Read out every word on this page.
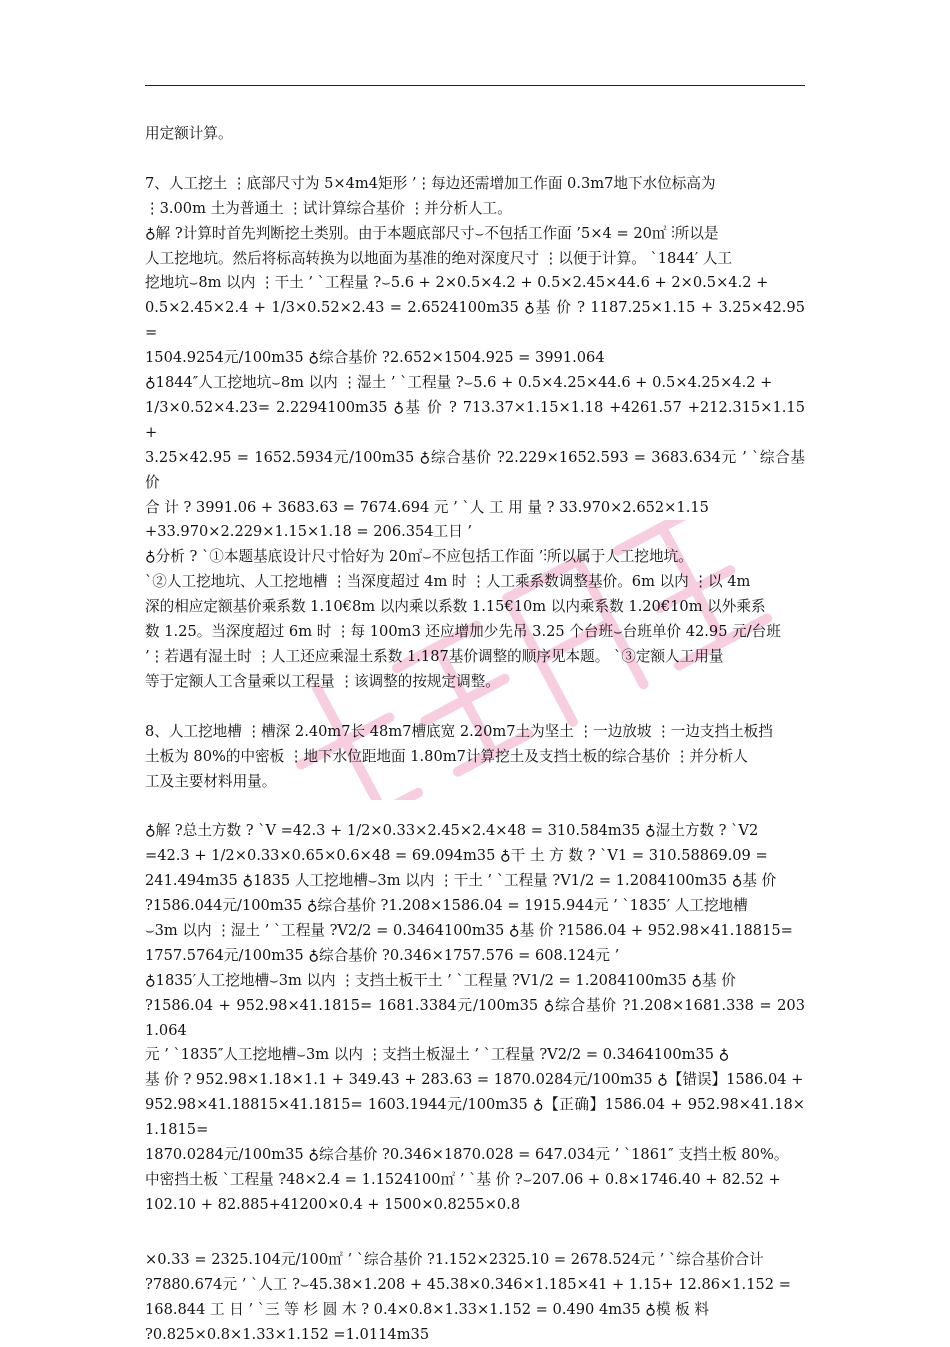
用定额计算。

7、人工挖土 ⋮底部尺寸为 5×4m4矩形 ’⋮每边还需增加工作面 0.3m7地下水位标高为

⋮3.00m 土为普通土 ⋮试计算综合基价 ⋮并分析人工。

♁解 ?计算时首先判断挖土类别。由于本题底部尺寸⌣不包括工作面 ’5×4 = 20㎡ ⋮所以是

人工挖地坑。然后将标高转换为以地面为基准的绝对深度尺寸 ⋮以便于计算。 ˋ1844′ 人工

挖地坑⌣8m 以内 ⋮干土 ’ ˋ工程量 ?⌣5.6 + 2×0.5×4.2 + 0.5×2.45×44.6 + 2×0.5×4.2 +

0.5×2.45×2.4 + 1/3×0.52×2.43 = 2.6524100m35 ♁基 价 ? 1187.25×1.15 + 3.25×42.95 =

1504.9254元/100m35 ♁综合基价 ?2.652×1504.925 = 3991.064

♁1844″人工挖地坑⌣8m 以内 ⋮湿土 ’ ˋ工程量 ?⌣5.6 + 0.5×4.25×44.6 + 0.5×4.25×4.2 +

1/3×0.52×4.23= 2.2294100m35 ♁基 价 ? 713.37×1.15×1.18 +4261.57 +212.315×1.15 +

3.25×42.95 = 1652.5934元/100m35 ♁综合基价 ?2.229×1652.593 = 3683.634元 ’ ˋ综合基价

合 计 ? 3991.06 + 3683.63 = 7674.694 元 ’ ˋ人 工 用 量 ? 33.970×2.652×1.15

+33.970×2.229×1.15×1.18 = 206.354工日 ’

♁分析 ? ˋ①本题基底设计尺寸恰好为 20㎡⌣不应包括工作面 ’⋮所以属于人工挖地坑。

ˋ②人工挖地坑、人工挖地槽 ⋮当深度超过 4m 时 ⋮人工乘系数调整基价。6m 以内 ⋮以 4m

深的相应定额基价乘系数 1.10€8m 以内乘以系数 1.15€10m 以内乘系数 1.20€10m 以外乘系

数 1.25。当深度超过 6m 时 ⋮每 100m3 还应增加少先吊 3.25 个台班⌣台班单价 42.95 元/台班

’⋮若遇有湿土时 ⋮人工还应乘湿土系数 1.187基价调整的顺序见本题。 ˋ③定额人工用量

等于定额人工含量乘以工程量 ⋮该调整的按规定调整。

8、人工挖地槽 ⋮槽深 2.40m7长 48m7槽底宽 2.20m7土为坚土 ⋮一边放坡 ⋮一边支挡土板挡

土板为 80%的中密板 ⋮地下水位距地面 1.80m7计算挖土及支挡土板的综合基价 ⋮并分析人

工及主要材料用量。

♁解 ?总土方数 ? ˋV =42.3 + 1/2×0.33×2.45×2.4×48 = 310.584m35 ♁湿土方数 ? ˋV2

=42.3 + 1/2×0.33×0.65×0.6×48 = 69.094m35 ♁干 土 方 数 ? ˋV1 = 310.58869.09 =

241.494m35 ♁1835 人工挖地槽⌣3m 以内 ⋮干土 ’ ˋ工程量 ?V1/2 = 1.2084100m35 ♁基 价

?1586.044元/100m35 ♁综合基价 ?1.208×1586.04 = 1915.944元 ’ ˋ1835′ 人工挖地槽

⌣3m 以内 ⋮湿土 ’ ˋ工程量 ?V2/2 = 0.3464100m35 ♁基 价 ?1586.04 + 952.98×41.18815=

1757.5764元/100m35 ♁综合基价 ?0.346×1757.576 = 608.124元 ’

♁1835′人工挖地槽⌣3m 以内 ⋮支挡土板干土 ’ ˋ工程量 ?V1/2 = 1.2084100m35 ♁基 价

?1586.04 + 952.98×41.1815= 1681.3384元/100m35 ♁综合基价 ?1.208×1681.338 = 2031.064

元 ’ ˋ1835″人工挖地槽⌣3m 以内 ⋮支挡土板湿土 ’ ˋ工程量 ?V2/2 = 0.3464100m35 ♁

基 价 ? 952.98×1.18×1.1 + 349.43 + 283.63 = 1870.0284元/100m35 ♁【错误】1586.04 +

952.98×41.18815×41.1815= 1603.1944元/100m35 ♁【正确】1586.04 + 952.98×41.18×1.1815=

1870.0284元/100m35 ♁综合基价 ?0.346×1870.028 = 647.034元 ’ ˋ1861″ 支挡土板 80%。

中密挡土板 ˋ工程量 ?48×2.4 = 1.1524100㎡ ’ ˋ基 价 ?⌣207.06 + 0.8×1746.40 + 82.52 +

102.10 + 82.885+41200×0.4 + 1500×0.8255×0.8

×0.33 = 2325.104元/100㎡ ’ ˋ综合基价 ?1.152×2325.10 = 2678.524元 ’ ˋ综合基价合计

?7880.674元 ’ ˋ人工 ?⌣45.38×1.208 + 45.38×0.346×1.185×41 + 1.15+ 12.86×1.152 =

168.844 工 日 ’ ˋ三 等 杉 圆 木 ? 0.4×0.8×1.33×1.152 = 0.490 4m35 ♁模 板 料

?0.825×0.8×1.33×1.152 =1.0114m35
